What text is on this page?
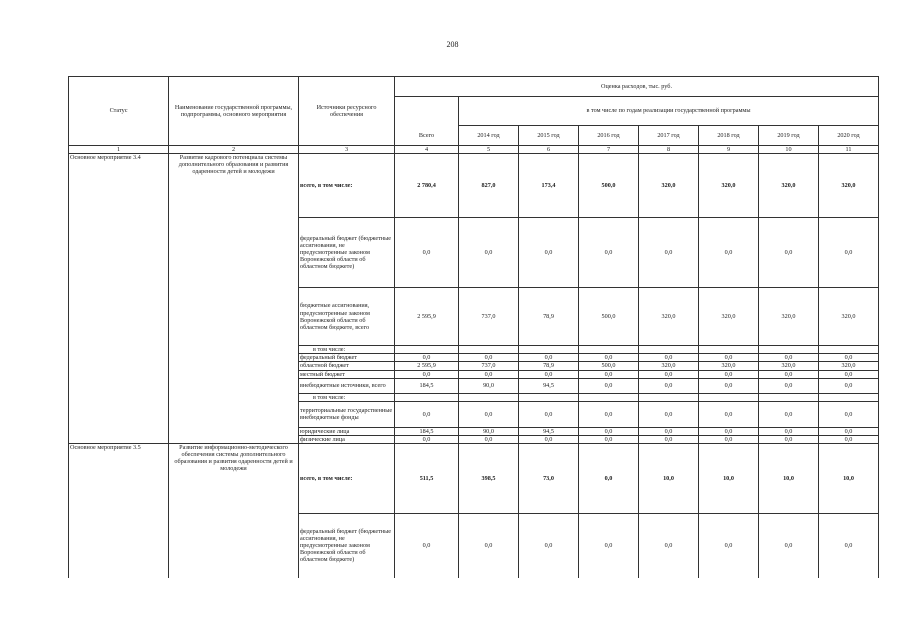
208
Статус	Наименование государственной программы, подпрограммы, основного мероприятия	Источники ресурсного обеспечения	Оценка расходов, тыс. руб.							
			Всего	в том числе по годам реализации государственной программы						
				2014 год	2015 год	2016 год	2017 год	2018 год	2019 год	2020 год
1	2	3	4	5	6	7	8	9	10	11
Основное мероприятие 3.4	Развитие кадрового потенциала системы дополнительного образования и развития одаренности детей и молодежи	всего, в том числе:	2 780,4	827,0	173,4	500,0	320,0	320,0	320,0	320,0
		федеральный бюджет (бюджетные ассигнования, не предусмотренные законом Воронежской области об областном бюджете)	0,0	0,0	0,0	0,0	0,0	0,0	0,0	0,0
		бюджетные ассигнования, предусмотренные законом Воронежской области об областном бюджете, всего	2 595,9	737,0	78,9	500,0	320,0	320,0	320,0	320,0
		в том числе:								
		федеральный бюджет	0,0	0,0	0,0	0,0	0,0	0,0	0,0	0,0
		областной бюджет	2 595,9	737,0	78,9	500,0	320,0	320,0	320,0	320,0
		местный бюджет	0,0	0,0	0,0	0,0	0,0	0,0	0,0	0,0
		внебюджетные источники, всего	184,5	90,0	94,5	0,0	0,0	0,0	0,0	0,0
		в том числе:								
		территориальные государственные внебюджетные фонды	0,0	0,0	0,0	0,0	0,0	0,0	0,0	0,0
		юридические лица	184,5	90,0	94,5	0,0	0,0	0,0	0,0	0,0
		физические лица	0,0	0,0	0,0	0,0	0,0	0,0	0,0	0,0
Основное мероприятие 3.5	Развитие информационно-методического обеспечения системы дополнительного образования и развития одаренности детей и молодежи	всего, в том числе:	511,5	398,5	73,0	0,0	10,0	10,0	10,0	10,0
		федеральный бюджет (бюджетные ассигнования, не предусмотренные законом Воронежской области об областном бюджете)	0,0	0,0	0,0	0,0	0,0	0,0	0,0	0,0
